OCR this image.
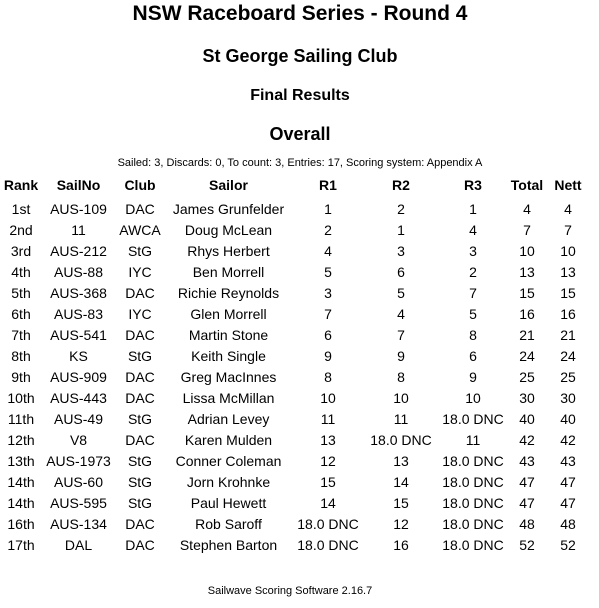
NSW Raceboard Series - Round 4
St George Sailing Club
Final Results
Overall
Sailed: 3, Discards: 0, To count: 3, Entries: 17, Scoring system: Appendix A
Rank	SailNo	Club	Sailor	R1	R2	R3	Total	Nett
1st	AUS-109	DAC	James Grunfelder	1	2	1	4	4
2nd	11	AWCA	Doug McLean	2	1	4	7	7
3rd	AUS-212	StG	Rhys Herbert	4	3	3	10	10
4th	AUS-88	IYC	Ben Morrell	5	6	2	13	13
5th	AUS-368	DAC	Richie Reynolds	3	5	7	15	15
6th	AUS-83	IYC	Glen Morrell	7	4	5	16	16
7th	AUS-541	DAC	Martin Stone	6	7	8	21	21
8th	KS	StG	Keith Single	9	9	6	24	24
9th	AUS-909	DAC	Greg MacInnes	8	8	9	25	25
10th	AUS-443	DAC	Lissa McMillan	10	10	10	30	30
11th	AUS-49	StG	Adrian Levey	11	11	18.0 DNC	40	40
12th	V8	DAC	Karen Mulden	13	18.0 DNC	11	42	42
13th	AUS-1973	StG	Conner Coleman	12	13	18.0 DNC	43	43
14th	AUS-60	StG	Jorn Krohnke	15	14	18.0 DNC	47	47
14th	AUS-595	StG	Paul Hewett	14	15	18.0 DNC	47	47
16th	AUS-134	DAC	Rob Saroff	18.0 DNC	12	18.0 DNC	48	48
17th	DAL	DAC	Stephen Barton	18.0 DNC	16	18.0 DNC	52	52
Sailwave Scoring Software 2.16.7
